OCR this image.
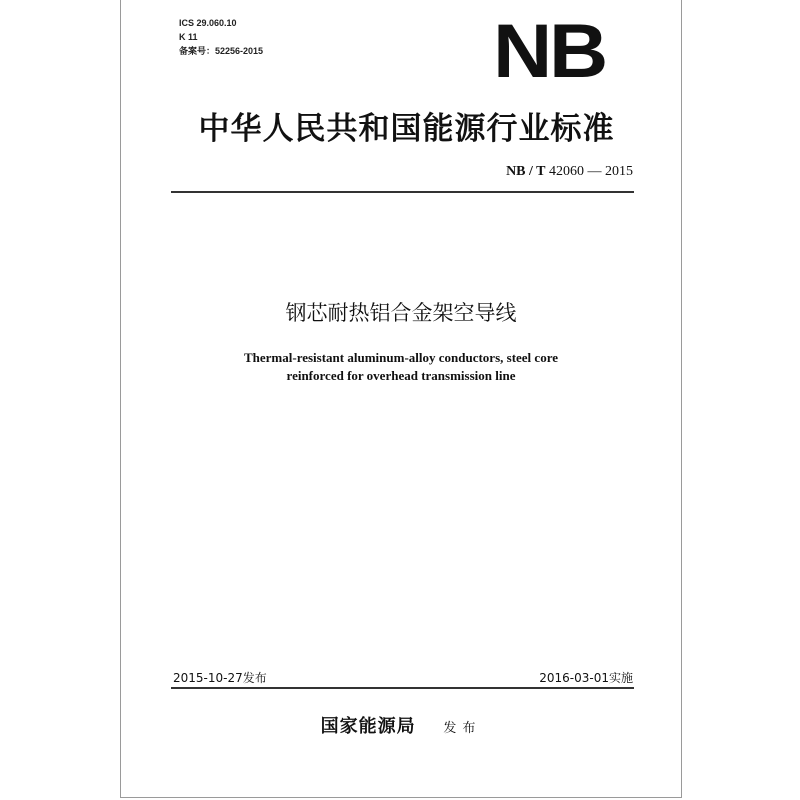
ICS 29.060.10
K 11
备案号：52256-2015	NB
中华人民共和国能源行业标准
NB / T 42060 — 2015
钢芯耐热铝合金架空导线
Thermal-resistant aluminum-alloy conductors, steel core
reinforced for overhead transmission line
2015-10-27发布	2016-03-01实施
国家能源局 发布
